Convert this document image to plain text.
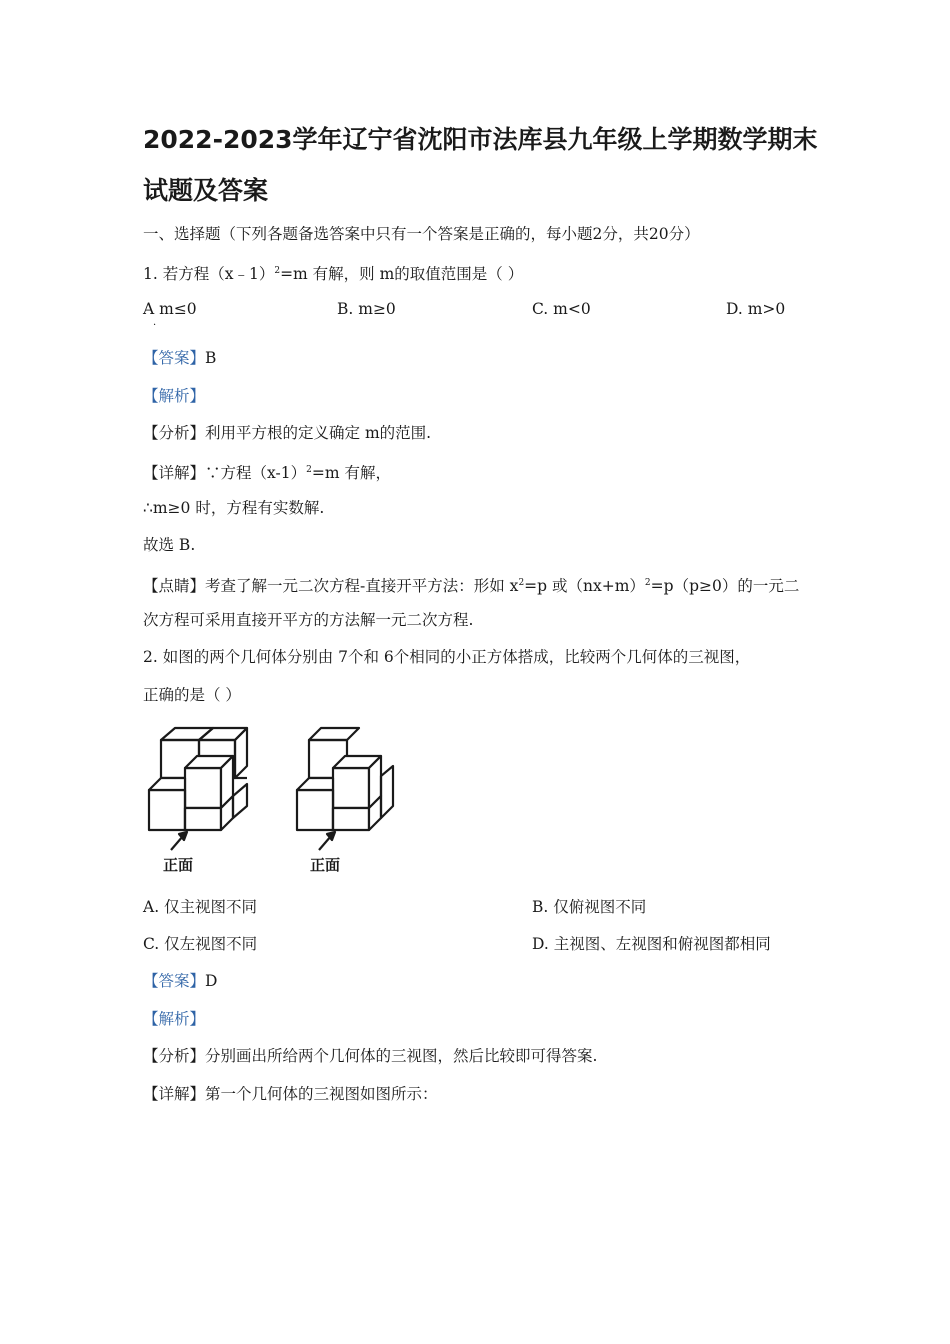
2022-2023学年辽宁省沈阳市法库县九年级上学期数学期末
试题及答案
一、选择题（下列各题备选答案中只有一个答案是正确的，每小题2分，共20分）
1. 若方程（x﹣1）$^2$=m 有解，则 m的取值范围是（ ）
A m≤0
·
B. m≥0	C. m<0	D. m>0
【答案】B
【解析】
【分析】利用平方根的定义确定 m的范围.
【详解】∵方程$(x-1)^2=m$ 有解，
∴m≥0 时，方程有实数解.
故选 B.
【点睛】考查了解一元二次方程-直接开平方法：形如 $x^2=p$ 或$(nx+m)^2=p(p\ge 0)$的一元二
次方程可采用直接开平方的方法解一元二次方程.
2. 如图的两个几何体分别由 7个和 6个相同的小正方体搭成，比较两个几何体的三视图，
正确的是（ ）
正面	正面
A. 仅主视图不同	B. 仅俯视图不同
C. 仅左视图不同	D. 主视图、左视图和俯视图都相同
【答案】D
【解析】
【分析】分别画出所给两个几何体的三视图，然后比较即可得答案.
【详解】第一个几何体的三视图如图所示：
